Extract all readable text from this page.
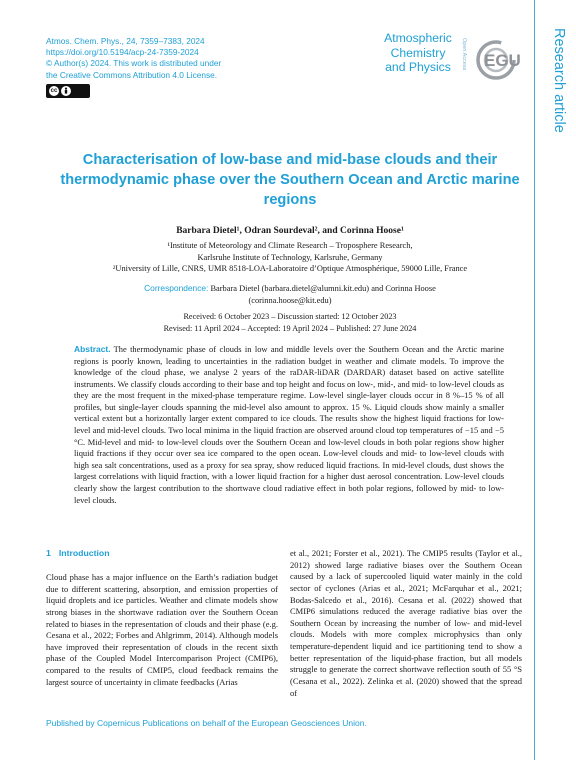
Atmos. Chem. Phys., 24, 7359–7383, 2024
https://doi.org/10.5194/acp-24-7359-2024
© Author(s) 2024. This work is distributed under
the Creative Commons Attribution 4.0 License.
cc
Atmospheric
Chemistry
and Physics	Open Access EGU Research article
Characterisation of low-base and mid-base clouds and their thermodynamic phase over the Southern Ocean and Arctic marine regions
Barbara Dietel¹, Odran Sourdeval², and Corinna Hoose¹
¹Institute of Meteorology and Climate Research – Troposphere Research,
Karlsruhe Institute of Technology, Karlsruhe, Germany
²University of Lille, CNRS, UMR 8518-LOA-Laboratoire d’Optique Atmosphérique, 59000 Lille, France
Correspondence: Barbara Dietel (barbara.dietel@alumni.kit.edu) and Corinna Hoose
(corinna.hoose@kit.edu)
Received: 6 October 2023 – Discussion started: 12 October 2023
Revised: 11 April 2024 – Accepted: 19 April 2024 – Published: 27 June 2024
Abstract. The thermodynamic phase of clouds in low and middle levels over the Southern Ocean and the Arctic marine regions is poorly known, leading to uncertainties in the radiation budget in weather and climate models. To improve the knowledge of the cloud phase, we analyse 2 years of the raDAR-liDAR (DARDAR) dataset based on active satellite instruments. We classify clouds according to their base and top height and focus on low-, mid-, and mid- to low-level clouds as they are the most frequent in the mixed-phase temperature regime. Low-level single-layer clouds occur in 8 %–15 % of all profiles, but single-layer clouds spanning the mid-level also amount to approx. 15 %. Liquid clouds show mainly a smaller vertical extent but a horizontally larger extent compared to ice clouds. The results show the highest liquid fractions for low-level and mid-level clouds. Two local minima in the liquid fraction are observed around cloud top temperatures of −15 and −5 °C. Mid-level and mid- to low-level clouds over the Southern Ocean and low-level clouds in both polar regions show higher liquid fractions if they occur over sea ice compared to the open ocean. Low-level clouds and mid- to low-level clouds with high sea salt concentrations, used as a proxy for sea spray, show reduced liquid fractions. In mid-level clouds, dust shows the largest correlations with liquid fraction, with a lower liquid fraction for a higher dust aerosol concentration. Low-level clouds clearly show the largest contribution to the shortwave cloud radiative effect in both polar regions, followed by mid- to low-level clouds.
1 Introduction
Cloud phase has a major influence on the Earth’s radiation budget due to different scattering, absorption, and emission properties of liquid droplets and ice particles. Weather and climate models show strong biases in the shortwave radiation over the Southern Ocean related to biases in the representation of clouds and their phase (e.g. Cesana et al., 2022; Forbes and Ahlgrimm, 2014). Although models have improved their representation of clouds in the recent sixth phase of the Coupled Model Intercomparison Project (CMIP6), compared to the results of CMIP5, cloud feedback remains the largest source of uncertainty in climate feedbacks (Arias
et al., 2021; Forster et al., 2021). The CMIP5 results (Taylor et al., 2012) showed large radiative biases over the Southern Ocean caused by a lack of supercooled liquid water mainly in the cold sector of cyclones (Arias et al., 2021; McFarquhar et al., 2021; Bodas-Salcedo et al., 2016). Cesana et al. (2022) showed that CMIP6 simulations reduced the average radiative bias over the Southern Ocean by increasing the number of low- and mid-level clouds. Models with more complex microphysics than only temperature-dependent liquid and ice partitioning tend to show a better representation of the liquid-phase fraction, but all models struggle to generate the correct shortwave reflection south of 55 °S (Cesana et al., 2022). Zelinka et al. (2020) showed that the spread of
Published by Copernicus Publications on behalf of the European Geosciences Union.
